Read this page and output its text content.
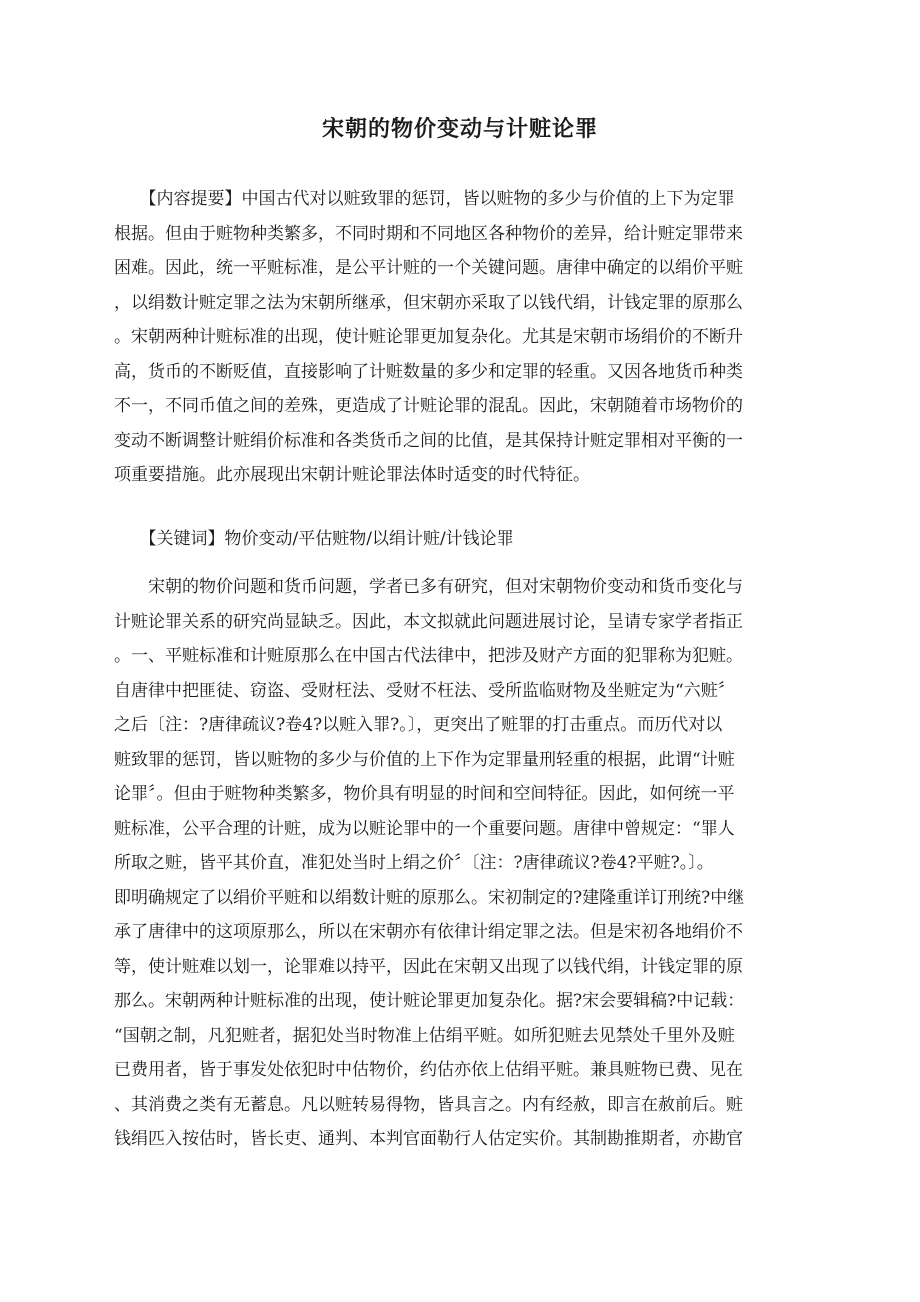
宋朝的物价变动与计赃论罪
　　【内容提要】中国古代对以赃致罪的惩罚，皆以赃物的多少与价值的上下为定罪
根据。但由于赃物种类繁多，不同时期和不同地区各种物价的差异，给计赃定罪带来
困难。因此，统一平赃标准，是公平计赃的一个关键问题。唐律中确定的以绢价平赃
，以绢数计赃定罪之法为宋朝所继承，但宋朝亦采取了以钱代绢，计钱定罪的原那么
。宋朝两种计赃标准的出现，使计赃论罪更加复杂化。尤其是宋朝市场绢价的不断升
高，货币的不断贬值，直接影响了计赃数量的多少和定罪的轻重。又因各地货币种类
不一，不同币值之间的差殊，更造成了计赃论罪的混乱。因此，宋朝随着市场物价的
变动不断调整计赃绢价标准和各类货币之间的比值，是其保持计赃定罪相对平衡的一
项重要措施。此亦展现出宋朝计赃论罪法体时适变的时代特征。
　　【关键词】物价变动/平估赃物/以绢计赃/计钱论罪
　　宋朝的物价问题和货币问题，学者已多有研究，但对宋朝物价变动和货币变化与
计赃论罪关系的研究尚显缺乏。因此，本文拟就此问题进展讨论，呈请专家学者指正
。一、平赃标准和计赃原那么在中国古代法律中，把涉及财产方面的犯罪称为犯赃。
自唐律中把匪徒、窃盗、受财枉法、受财不枉法、受所监临财物及坐赃定为“六赃〞
之后〔注：?唐律疏议?卷4?以赃入罪?。〕，更突出了赃罪的打击重点。而历代对以
赃致罪的惩罚，皆以赃物的多少与价值的上下作为定罪量刑轻重的根据，此谓“计赃
论罪〞。但由于赃物种类繁多，物价具有明显的时间和空间特征。因此，如何统一平
赃标准，公平合理的计赃，成为以赃论罪中的一个重要问题。唐律中曾规定：“罪人
所取之赃，皆平其价直，准犯处当时上绢之价〞〔注：?唐律疏议?卷4?平赃?。〕。
即明确规定了以绢价平赃和以绢数计赃的原那么。宋初制定的?建隆重详订刑统?中继
承了唐律中的这项原那么，所以在宋朝亦有依律计绢定罪之法。但是宋初各地绢价不
等，使计赃难以划一，论罪难以持平，因此在宋朝又出现了以钱代绢，计钱定罪的原
那么。宋朝两种计赃标准的出现，使计赃论罪更加复杂化。据?宋会要辑稿?中记载：
“国朝之制，凡犯赃者，据犯处当时物准上估绢平赃。如所犯赃去见禁处千里外及赃
已费用者，皆于事发处依犯时中估物价，约估亦依上估绢平赃。兼具赃物已费、见在
、其消费之类有无蓄息。凡以赃转易得物，皆具言之。内有经赦，即言在赦前后。赃
钱绢匹入按估时，皆长吏、通判、本判官面勒行人估定实价。其制勘推期者，亦勘官
